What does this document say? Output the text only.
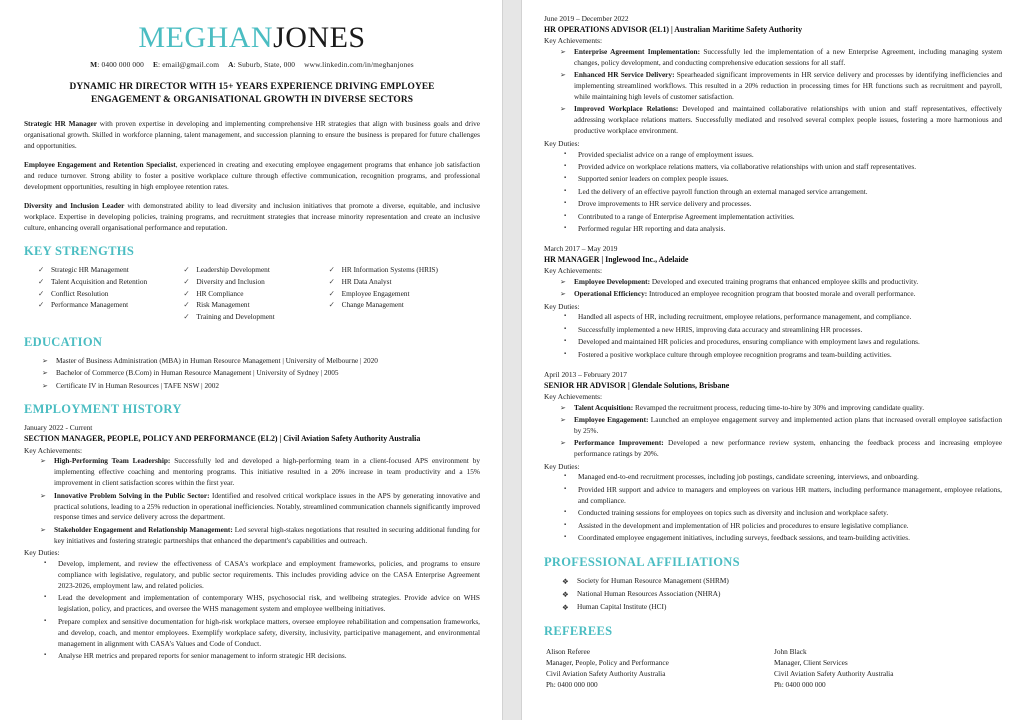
MEGHANJONES
M: 0400 000 000 E: email@gmail.com A: Suburb, State, 000 www.linkedin.com/in/meghanjones
DYNAMIC HR DIRECTOR WITH 15+ YEARS EXPERIENCE DRIVING EMPLOYEE
ENGAGEMENT & ORGANISATIONAL GROWTH IN DIVERSE SECTORS

Strategic HR Manager with proven expertise in developing and implementing comprehensive HR strategies that align with business goals and drive organisational growth. Skilled in workforce planning, talent management, and succession planning to ensure the business is prepared for future challenges and opportunities.

Employee Engagement and Retention Specialist, experienced in creating and executing employee engagement programs that enhance job satisfaction and reduce turnover. Strong ability to foster a positive workplace culture through effective communication, recognition programs, and professional development opportunities, resulting in high employee retention rates.

Diversity and Inclusion Leader with demonstrated ability to lead diversity and inclusion initiatives that promote a diverse, equitable, and inclusive workplace. Expertise in developing policies, training programs, and recruitment strategies that increase minority representation and create an inclusive culture, enhancing overall organisational performance and reputation.

KEY STRENGTHS
✓ Strategic HR Management
✓ Talent Acquisition and Retention
✓ Conflict Resolution
✓ Performance Management
✓ Leadership Development
✓ Diversity and Inclusion
✓ HR Compliance
✓ Risk Management
✓ Training and Development
✓ HR Information Systems (HRIS)
✓ HR Data Analyst
✓ Employee Engagement
✓ Change Management
EDUCATION
➢	Master of Business Administration (MBA) in Human Resource Management | University of Melbourne | 2020
➢	Bachelor of Commerce (B.Com) in Human Resource Management | University of Sydney | 2005
➢	Certificate IV in Human Resources | TAFE NSW | 2002
EMPLOYMENT HISTORY
January 2022 - Current
SECTION MANAGER, PEOPLE, POLICY AND PERFORMANCE (EL2) | Civil Aviation Safety Authority Australia
Key Achievements:
➢	High-Performing Team Leadership: Successfully led and developed a high-performing team in a client-focused APS environment by implementing effective coaching and mentoring programs. This initiative resulted in a 20% increase in team productivity and a 15% improvement in client satisfaction scores within the first year.
➢	Innovative Problem Solving in the Public Sector: Identified and resolved critical workplace issues in the APS by generating innovative and practical solutions, leading to a 25% reduction in operational inefficiencies. Notably, streamlined communication channels significantly improved response times and service delivery across the department.
➢	Stakeholder Engagement and Relationship Management: Led several high-stakes negotiations that resulted in securing additional funding for key initiatives and fostering strategic partnerships that enhanced the department's capabilities and outreach.
Key Duties:
▪	Develop, implement, and review the effectiveness of CASA's workplace and employment frameworks, policies, and programs to ensure compliance with legislative, regulatory, and public sector requirements. This includes providing advice on the CASA Enterprise Agreement 2023-2026, employment law, and related policies.
▪	Lead the development and implementation of contemporary WHS, psychosocial risk, and wellbeing strategies. Provide advice on WHS legislation, policy, and practices, and oversee the WHS management system and employee wellbeing initiatives.
▪	Prepare complex and sensitive documentation for high-risk workplace matters, oversee employee rehabilitation and compensation frameworks, and develop, coach, and mentor employees. Exemplify workplace safety, diversity, inclusivity, participative management, and environmental management in alignment with CASA's Values and Code of Conduct.
▪	Analyse HR metrics and prepared reports for senior management to inform strategic HR decisions.
June 2019 – December 2022
HR OPERATIONS ADVISOR (EL1) | Australian Maritime Safety Authority
Key Achievements:
➢	Enterprise Agreement Implementation: Successfully led the implementation of a new Enterprise Agreement, including managing system changes, policy development, and conducting comprehensive education sessions for all staff.
➢	Enhanced HR Service Delivery: Spearheaded significant improvements in HR service delivery and processes by identifying inefficiencies and implementing streamlined workflows. This resulted in a 20% reduction in processing times for HR functions such as recruitment and payroll, while maintaining high levels of customer satisfaction.
➢	Improved Workplace Relations: Developed and maintained collaborative relationships with union and staff representatives, effectively addressing workplace relations matters. Successfully mediated and resolved several complex people issues, fostering a more harmonious and productive workplace environment.
Key Duties:
▪	Provided specialist advice on a range of employment issues.
▪	Provided advice on workplace relations matters, via collaborative relationships with union and staff representatives.
▪	Supported senior leaders on complex people issues.
▪	Led the delivery of an effective payroll function through an external managed service arrangement.
▪	Drove improvements to HR service delivery and processes.
▪	Contributed to a range of Enterprise Agreement implementation activities.
▪	Performed regular HR reporting and data analysis.
March 2017 – May 2019
HR MANAGER | Inglewood Inc., Adelaide
Key Achievements:
➢	Employee Development: Developed and executed training programs that enhanced employee skills and productivity.
➢	Operational Efficiency: Introduced an employee recognition program that boosted morale and overall performance.
Key Duties:
▪	Handled all aspects of HR, including recruitment, employee relations, performance management, and compliance.
▪	Successfully implemented a new HRIS, improving data accuracy and streamlining HR processes.
▪	Developed and maintained HR policies and procedures, ensuring compliance with employment laws and regulations.
▪	Fostered a positive workplace culture through employee recognition programs and team-building activities.
April 2013 – February 2017
SENIOR HR ADVISOR | Glendale Solutions, Brisbane
Key Achievements:
➢	Talent Acquisition: Revamped the recruitment process, reducing time-to-hire by 30% and improving candidate quality.
➢	Employee Engagement: Launched an employee engagement survey and implemented action plans that increased overall employee satisfaction by 25%.
➢	Performance Improvement: Developed a new performance review system, enhancing the feedback process and increasing employee performance ratings by 20%.
Key Duties:
▪	Managed end-to-end recruitment processes, including job postings, candidate screening, interviews, and onboarding.
▪	Provided HR support and advice to managers and employees on various HR matters, including performance management, employee relations, and compliance.
▪	Conducted training sessions for employees on topics such as diversity and inclusion and workplace safety.
▪	Assisted in the development and implementation of HR policies and procedures to ensure legislative compliance.
▪	Coordinated employee engagement initiatives, including surveys, feedback sessions, and team-building activities.
PROFESSIONAL AFFILIATIONS
❖	Society for Human Resource Management (SHRM)
❖	National Human Resources Association (NHRA)
❖	Human Capital Institute (HCI)
REFEREES
Alison Referee
Manager, People, Policy and Performance
Civil Aviation Safety Authority Australia
Ph: 0400 000 000
John Black
Manager, Client Services
Civil Aviation Safety Authority Australia
Ph: 0400 000 000
